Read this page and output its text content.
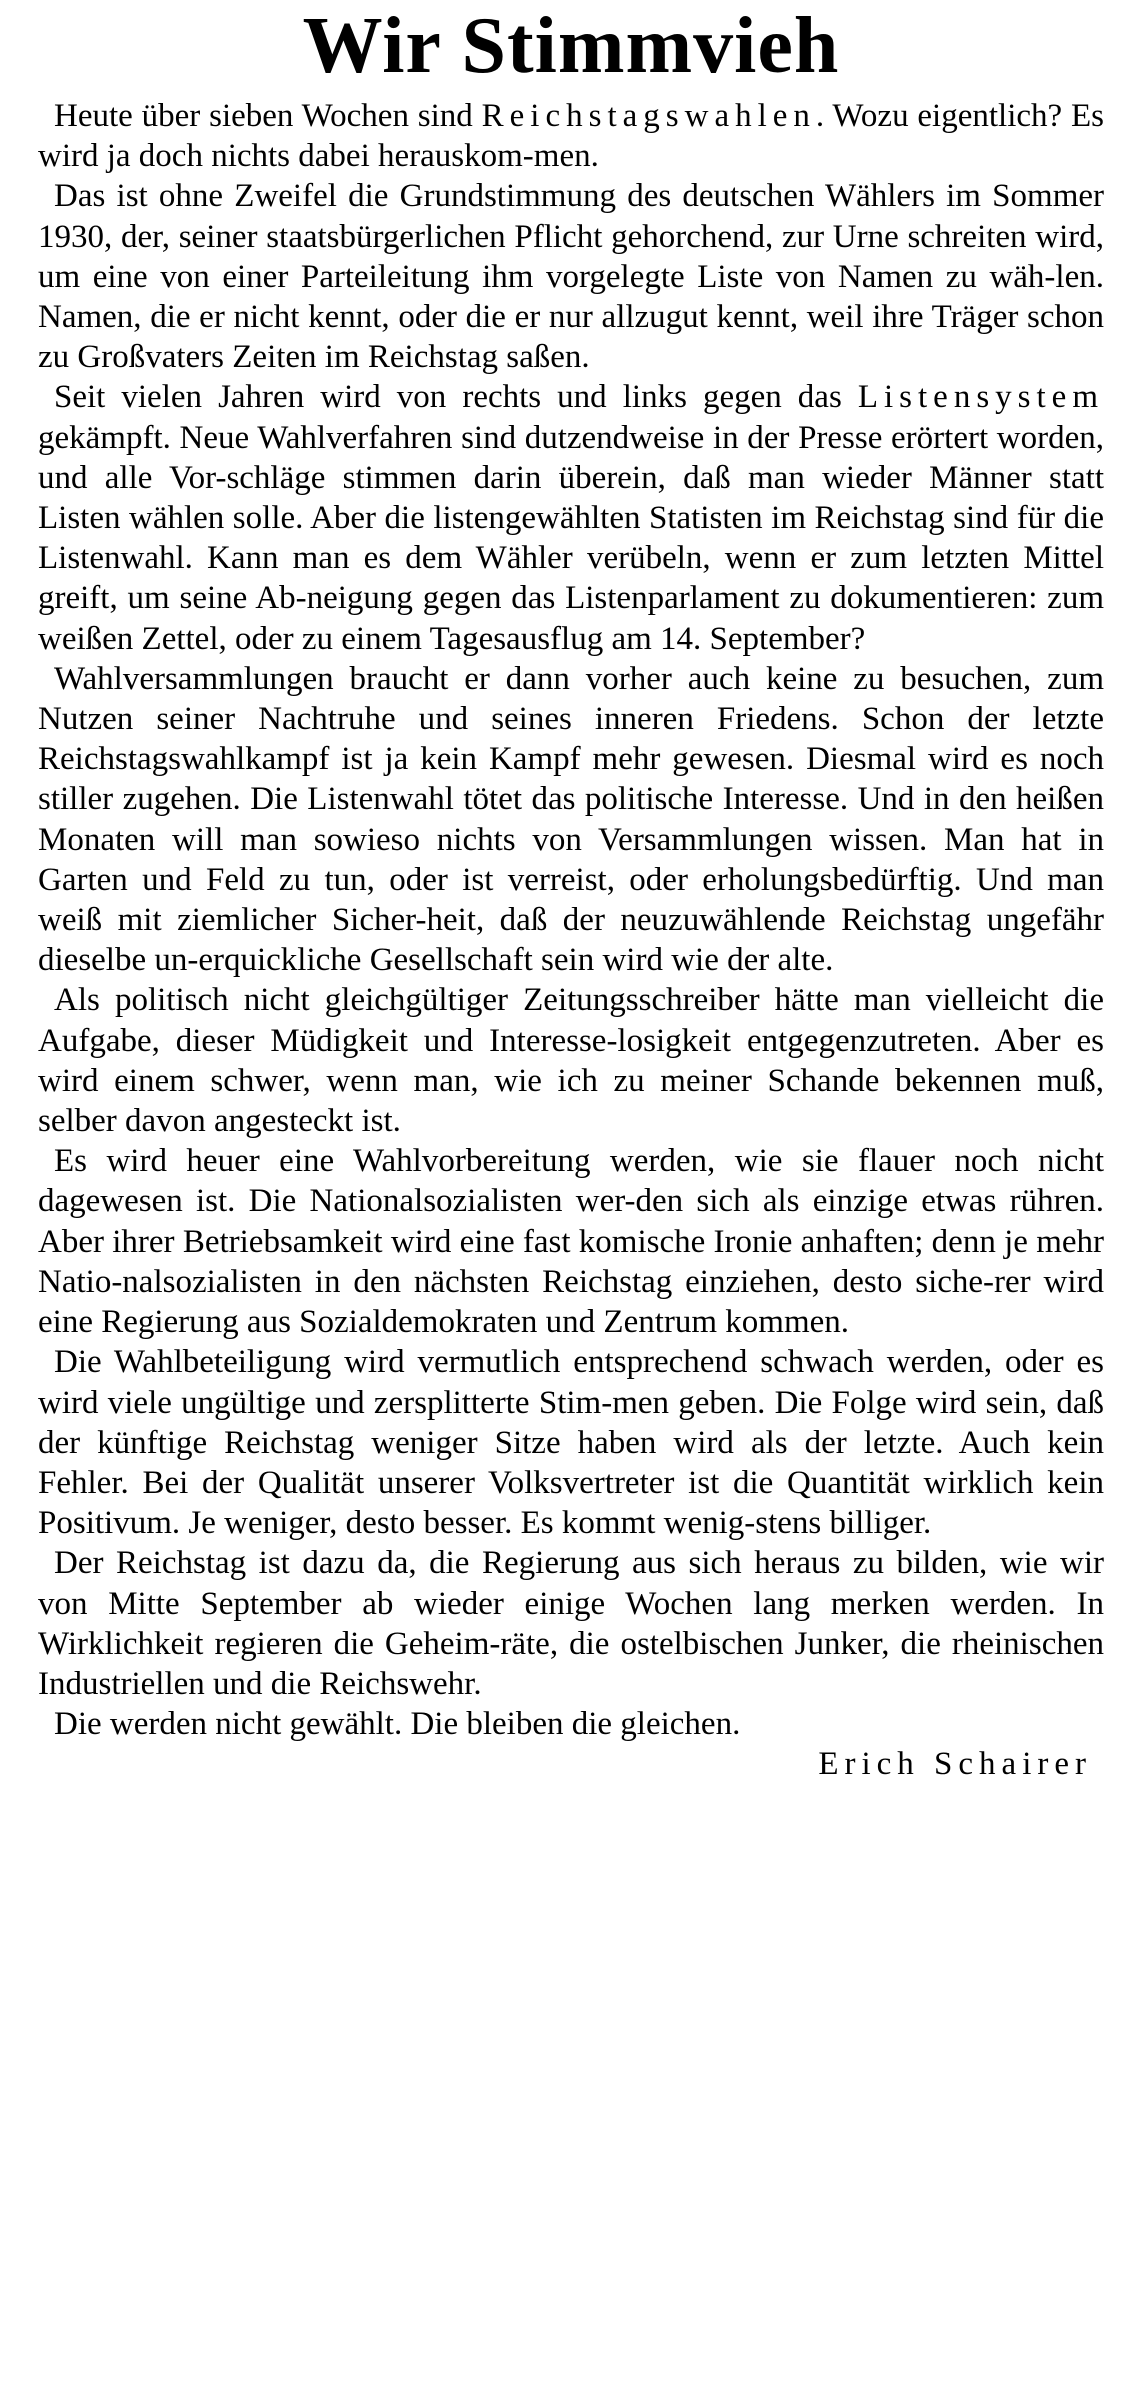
Wir Stimmvieh

Heute über sieben Wochen sind Reichstagswahlen. Wozu eigentlich? Es wird ja doch nichts dabei herauskom-men.

Das ist ohne Zweifel die Grundstimmung des deutschen Wählers im Sommer 1930, der, seiner staatsbürgerlichen Pflicht gehorchend, zur Urne schreiten wird, um eine von einer Parteileitung ihm vorgelegte Liste von Namen zu wäh-len. Namen, die er nicht kennt, oder die er nur allzugut kennt, weil ihre Träger schon zu Großvaters Zeiten im Reichstag saßen.

Seit vielen Jahren wird von rechts und links gegen das Listensystem gekämpft. Neue Wahlverfahren sind dutzendweise in der Presse erörtert worden, und alle Vor-schläge stimmen darin überein, daß man wieder Männer statt Listen wählen solle. Aber die listengewählten Statisten im Reichstag sind für die Listenwahl. Kann man es dem Wähler verübeln, wenn er zum letzten Mittel greift, um seine Ab-neigung gegen das Listenparlament zu dokumentieren: zum weißen Zettel, oder zu einem Tagesausflug am 14. September?

Wahlversammlungen braucht er dann vorher auch keine zu besuchen, zum Nutzen seiner Nachtruhe und seines inneren Friedens. Schon der letzte Reichstagswahlkampf ist ja kein Kampf mehr gewesen. Diesmal wird es noch stiller zugehen. Die Listenwahl tötet das politische Interesse. Und in den heißen Monaten will man sowieso nichts von Versammlungen wissen. Man hat in Garten und Feld zu tun, oder ist verreist, oder erholungsbedürftig. Und man weiß mit ziemlicher Sicher-heit, daß der neuzuwählende Reichstag ungefähr dieselbe un-erquickliche Gesellschaft sein wird wie der alte.

Als politisch nicht gleichgültiger Zeitungsschreiber hätte man vielleicht die Aufgabe, dieser Müdigkeit und Interesse-losigkeit entgegenzutreten. Aber es wird einem schwer, wenn man, wie ich zu meiner Schande bekennen muß, selber davon angesteckt ist.

Es wird heuer eine Wahlvorbereitung werden, wie sie flauer noch nicht dagewesen ist. Die Nationalsozialisten wer-den sich als einzige etwas rühren. Aber ihrer Betriebsamkeit wird eine fast komische Ironie anhaften; denn je mehr Natio-nalsozialisten in den nächsten Reichstag einziehen, desto siche-rer wird eine Regierung aus Sozialdemokraten und Zentrum kommen.

Die Wahlbeteiligung wird vermutlich entsprechend schwach werden, oder es wird viele ungültige und zersplitterte Stim-men geben. Die Folge wird sein, daß der künftige Reichstag weniger Sitze haben wird als der letzte. Auch kein Fehler. Bei der Qualität unserer Volksvertreter ist die Quantität wirklich kein Positivum. Je weniger, desto besser. Es kommt wenig-stens billiger.

Der Reichstag ist dazu da, die Regierung aus sich heraus zu bilden, wie wir von Mitte September ab wieder einige Wochen lang merken werden. In Wirklichkeit regieren die Geheim-räte, die ostelbischen Junker, die rheinischen Industriellen und die Reichswehr.

Die werden nicht gewählt. Die bleiben die gleichen.

Erich Schairer
